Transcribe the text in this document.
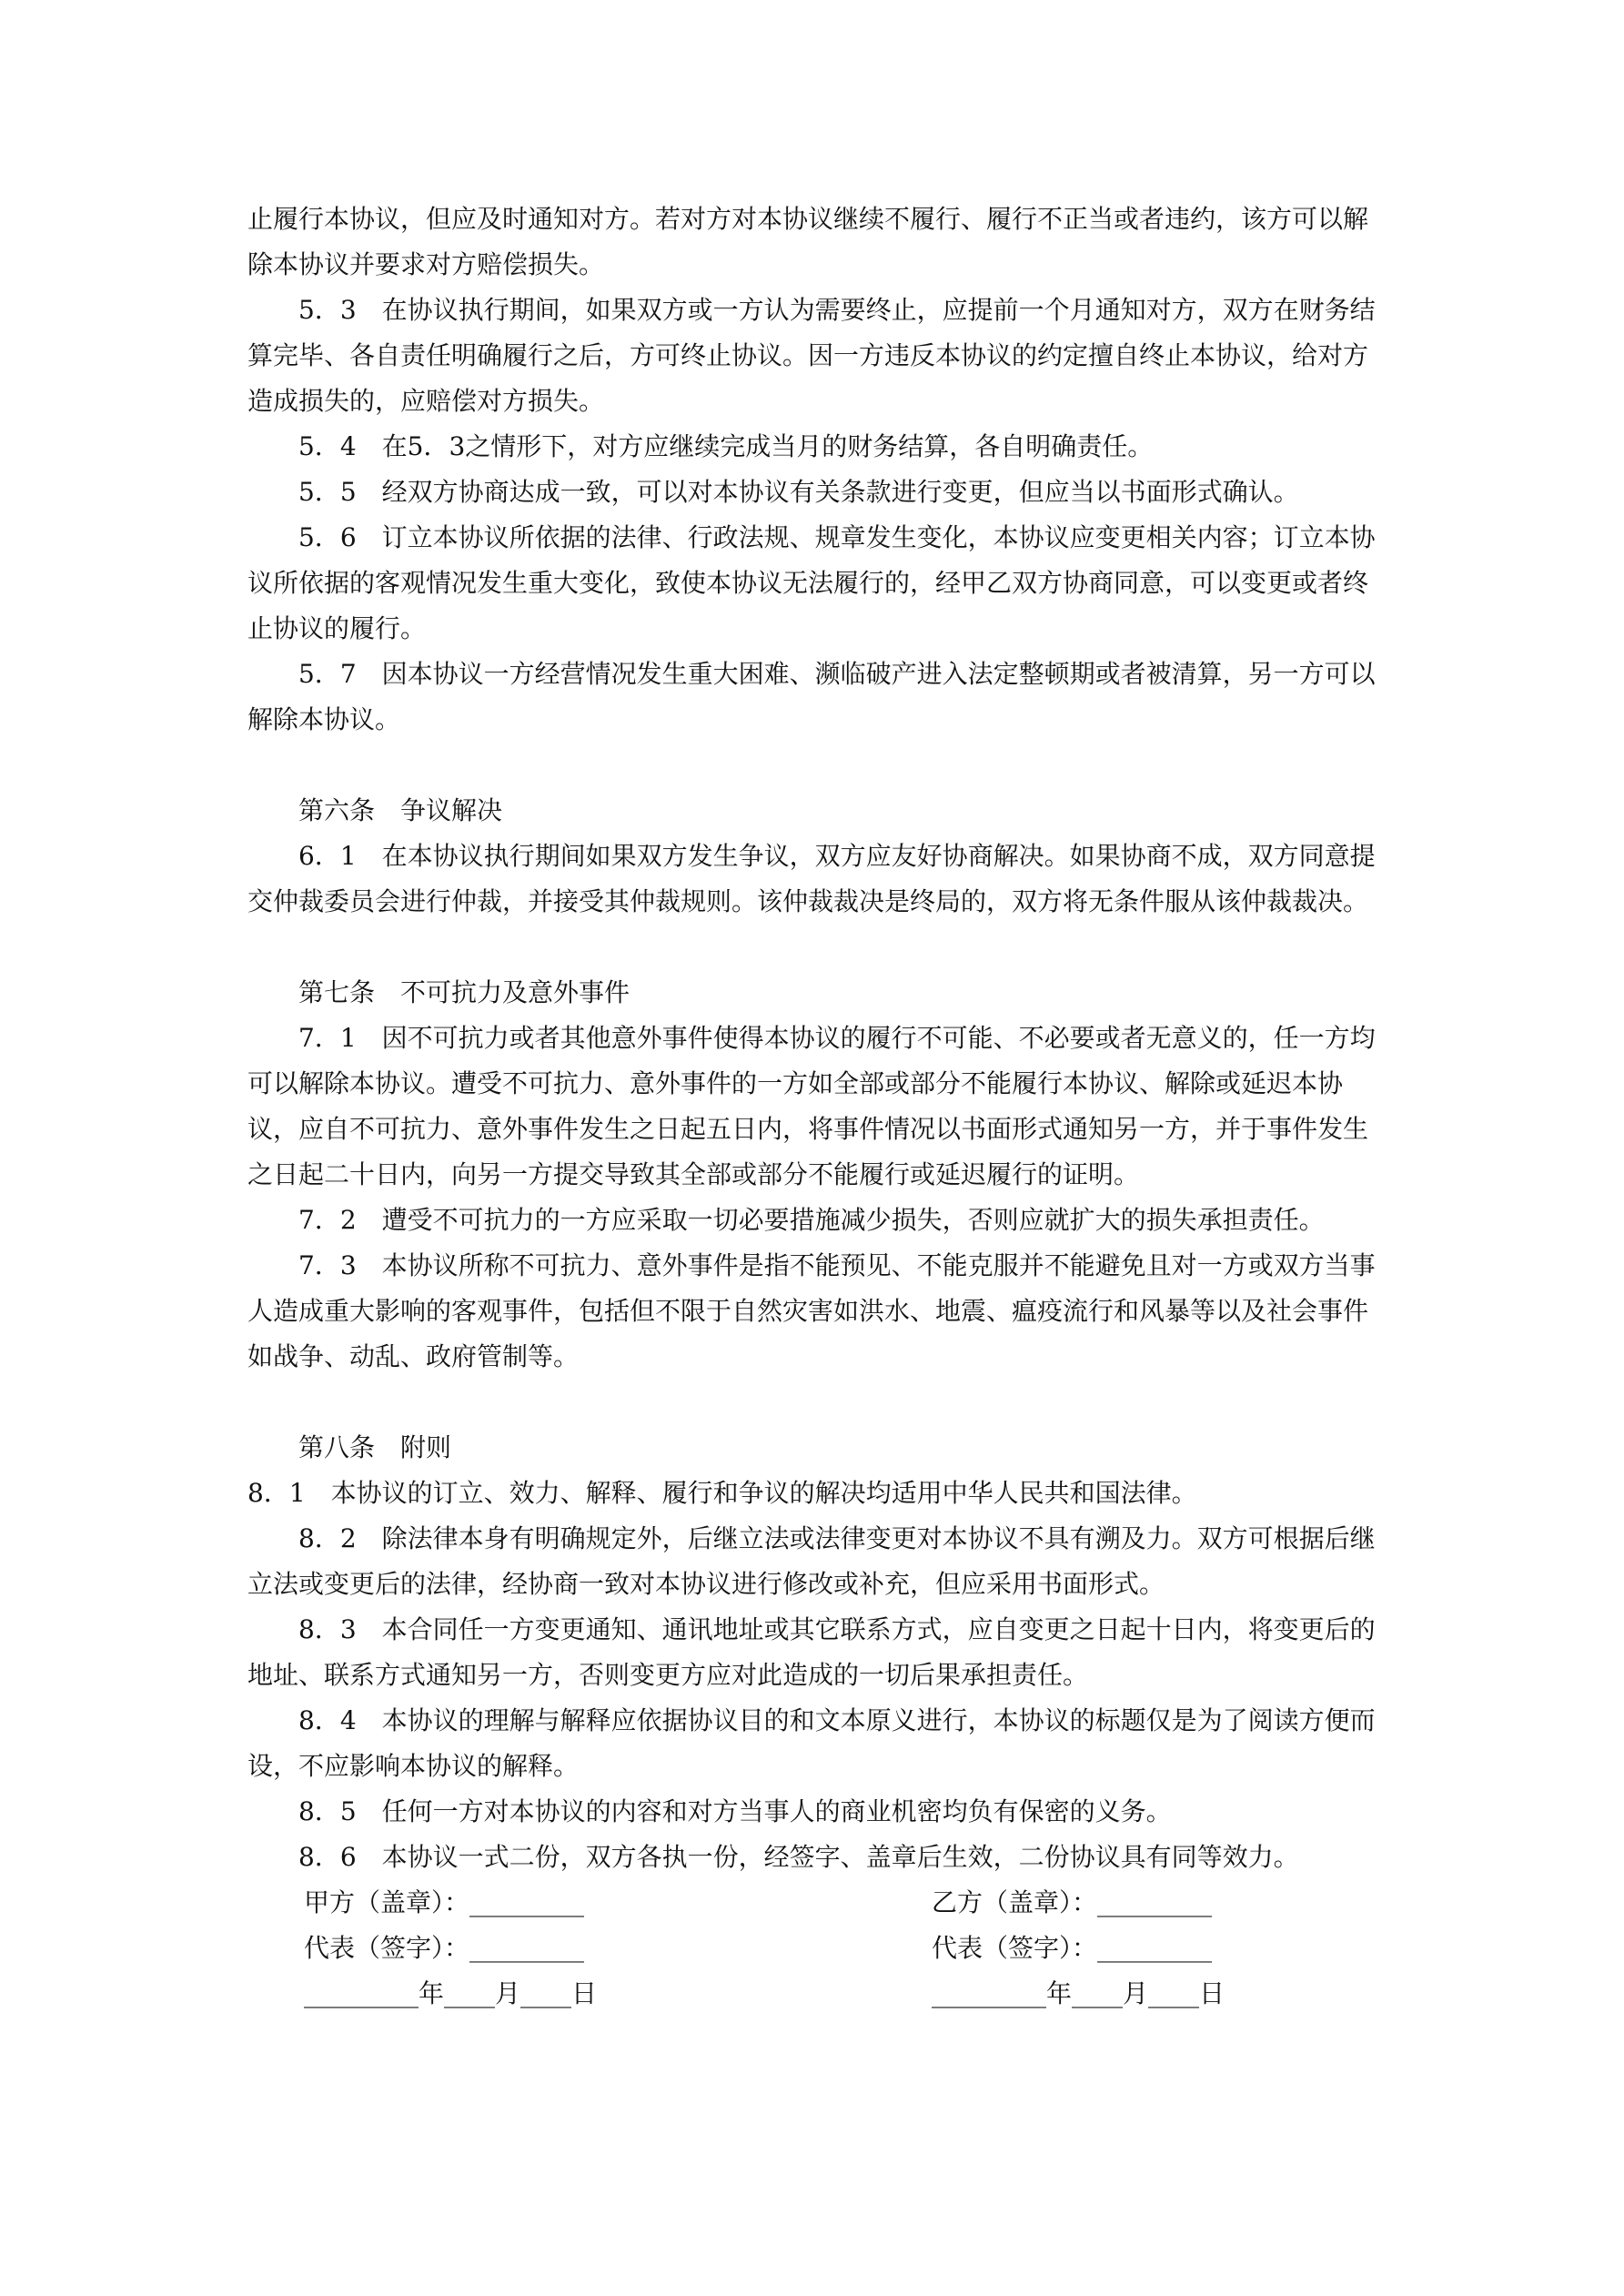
止履行本协议，但应及时通知对方。若对方对本协议继续不履行、履行不正当或者违约，该方可以解除本协议并要求对方赔偿损失。

5．3　在协议执行期间，如果双方或一方认为需要终止，应提前一个月通知对方，双方在财务结算完毕、各自责任明确履行之后，方可终止协议。因一方违反本协议的约定擅自终止本协议，给对方造成损失的，应赔偿对方损失。

5．4　在5．3之情形下，对方应继续完成当月的财务结算，各自明确责任。

5．5　经双方协商达成一致，可以对本协议有关条款进行变更，但应当以书面形式确认。

5．6　订立本协议所依据的法律、行政法规、规章发生变化，本协议应变更相关内容；订立本协议所依据的客观情况发生重大变化，致使本协议无法履行的，经甲乙双方协商同意，可以变更或者终止协议的履行。

5．7　因本协议一方经营情况发生重大困难、濒临破产进入法定整顿期或者被清算，另一方可以解除本协议。

第六条　争议解决

6．1　在本协议执行期间如果双方发生争议，双方应友好协商解决。如果协商不成，双方同意提交仲裁委员会进行仲裁，并接受其仲裁规则。该仲裁裁决是终局的，双方将无条件服从该仲裁裁决。

第七条　不可抗力及意外事件

7．1　因不可抗力或者其他意外事件使得本协议的履行不可能、不必要或者无意义的，任一方均可以解除本协议。遭受不可抗力、意外事件的一方如全部或部分不能履行本协议、解除或延迟本协议，应自不可抗力、意外事件发生之日起五日内，将事件情况以书面形式通知另一方，并于事件发生之日起二十日内，向另一方提交导致其全部或部分不能履行或延迟履行的证明。

7．2　遭受不可抗力的一方应采取一切必要措施减少损失，否则应就扩大的损失承担责任。

7．3　本协议所称不可抗力、意外事件是指不能预见、不能克服并不能避免且对一方或双方当事人造成重大影响的客观事件，包括但不限于自然灾害如洪水、地震、瘟疫流行和风暴等以及社会事件如战争、动乱、政府管制等。

第八条　附则

8．1　本协议的订立、效力、解释、履行和争议的解决均适用中华人民共和国法律。

8．2　除法律本身有明确规定外，后继立法或法律变更对本协议不具有溯及力。双方可根据后继立法或变更后的法律，经协商一致对本协议进行修改或补充，但应采用书面形式。

8．3　本合同任一方变更通知、通讯地址或其它联系方式，应自变更之日起十日内，将变更后的地址、联系方式通知另一方，否则变更方应对此造成的一切后果承担责任。

8．4　本协议的理解与解释应依据协议目的和文本原义进行，本协议的标题仅是为了阅读方便而设，不应影响本协议的解释。

8．5　任何一方对本协议的内容和对方当事人的商业机密均负有保密的义务。

8．6　本协议一式二份，双方各执一份，经签字、盖章后生效，二份协议具有同等效力。

甲方（盖章）：_________	乙方（盖章）：_________
代表（签字）：_________	代表（签字）：_________
_________年____月____日	_________年____月____日
